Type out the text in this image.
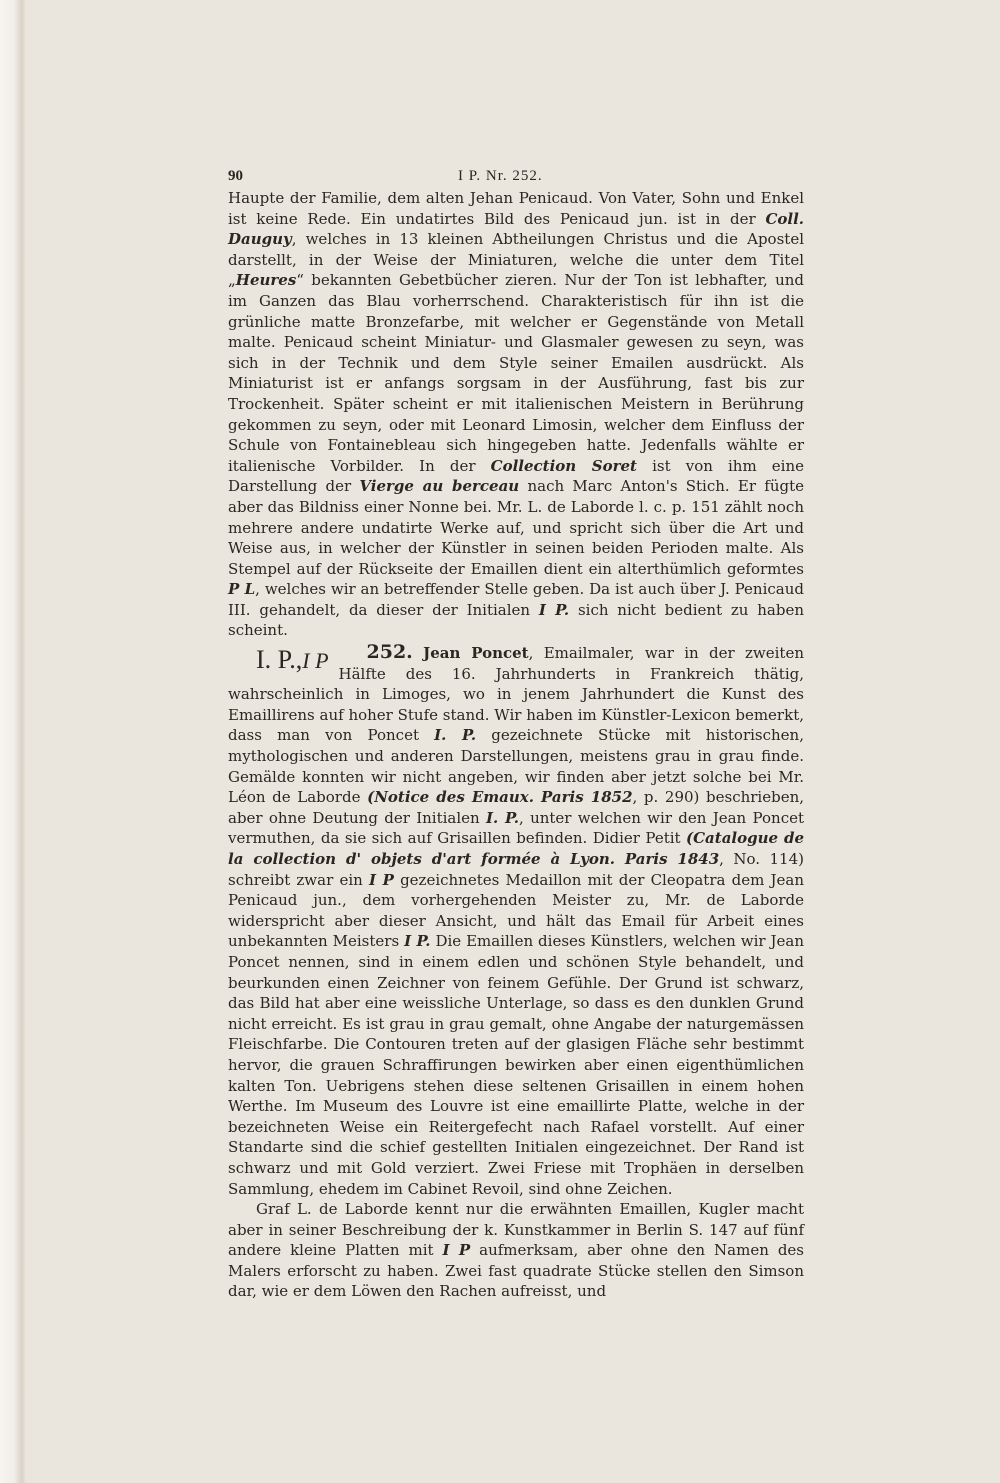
90	I P. Nr. 252.

Haupte der Familie, dem alten Jehan Penicaud. Von Vater, Sohn und Enkel ist keine Rede. Ein undatirtes Bild des Penicaud jun. ist in der Coll. Dauguy, welches in 13 kleinen Abtheilungen Christus und die Apostel darstellt, in der Weise der Miniaturen, welche die unter dem Titel „Heures“ bekannten Gebetbücher zieren. Nur der Ton ist lebhafter, und im Ganzen das Blau vorherrschend. Charakteristisch für ihn ist die grünliche matte Bronzefarbe, mit welcher er Gegenstände von Metall malte. Penicaud scheint Miniatur- und Glasmaler gewesen zu seyn, was sich in der Technik und dem Style seiner Emailen ausdrückt. Als Miniaturist ist er anfangs sorgsam in der Ausführung, fast bis zur Trockenheit. Später scheint er mit italienischen Meistern in Berührung gekommen zu seyn, oder mit Leonard Limosin, welcher dem Einfluss der Schule von Fontainebleau sich hingegeben hatte. Jedenfalls wählte er italienische Vorbilder. In der Collection Soret ist von ihm eine Darstellung der Vierge au berceau nach Marc Anton's Stich. Er fügte aber das Bildniss einer Nonne bei. Mr. L. de Laborde l. c. p. 151 zählt noch mehrere andere undatirte Werke auf, und spricht sich über die Art und Weise aus, in welcher der Künstler in seinen beiden Perioden malte. Als Stempel auf der Rückseite der Emaillen dient ein alterthümlich geformtes P L, welches wir an betreffender Stelle geben. Da ist auch über J. Penicaud III. gehandelt, da dieser der Initialen I P. sich nicht bedient zu haben scheint.

252. Jean Poncet
I. P.,I P	, Emailmaler, war in der zweiten Hälfte des 16. Jahrhunderts in Frankreich thätig, wahrscheinlich in Limoges, wo in jenem Jahrhundert die Kunst des Emaillirens auf hoher Stufe stand. Wir haben im Künstler-Lexicon bemerkt, dass man von Poncet I. P. gezeichnete Stücke mit historischen, mythologischen und anderen Darstellungen, meistens grau in grau finde. Gemälde konnten wir nicht angeben, wir finden aber jetzt solche bei Mr. Léon de Laborde (Notice des Emaux. Paris 1852, p. 290) beschrieben, aber ohne Deutung der Initialen I. P., unter welchen wir den Jean Poncet vermuthen, da sie sich auf Grisaillen befinden. Didier Petit (Catalogue de la collection d' objets d'art formée à Lyon. Paris 1843, No. 114) schreibt zwar ein I P gezeichnetes Medaillon mit der Cleopatra dem Jean Penicaud jun., dem vorhergehenden Meister zu, Mr. de Laborde widerspricht aber dieser Ansicht, und hält das Email für Arbeit eines unbekannten Meisters I P. Die Emaillen dieses Künstlers, welchen wir Jean Poncet nennen, sind in einem edlen und schönen Style behandelt, und beurkunden einen Zeichner von feinem Gefühle. Der Grund ist schwarz, das Bild hat aber eine weissliche Unterlage, so dass es den dunklen Grund nicht erreicht. Es ist grau in grau gemalt, ohne Angabe der naturgemässen Fleischfarbe. Die Contouren treten auf der glasigen Fläche sehr bestimmt hervor, die grauen Schraffirungen bewirken aber einen eigenthümlichen kalten Ton. Uebrigens stehen diese seltenen Grisaillen in einem hohen Werthe. Im Museum des Louvre ist eine emaillirte Platte, welche in der bezeichneten Weise ein Reitergefecht nach Rafael vorstellt. Auf einer Standarte sind die schief gestellten Initialen eingezeichnet. Der Rand ist schwarz und mit Gold verziert. Zwei Friese mit Trophäen in derselben Sammlung, ehedem im Cabinet Revoil, sind ohne Zeichen.

Graf L. de Laborde kennt nur die erwähnten Emaillen, Kugler macht aber in seiner Beschreibung der k. Kunstkammer in Berlin S. 147 auf fünf andere kleine Platten mit I P aufmerksam, aber ohne den Namen des Malers erforscht zu haben. Zwei fast quadrate Stücke stellen den Simson dar, wie er dem Löwen den Rachen aufreisst, und
